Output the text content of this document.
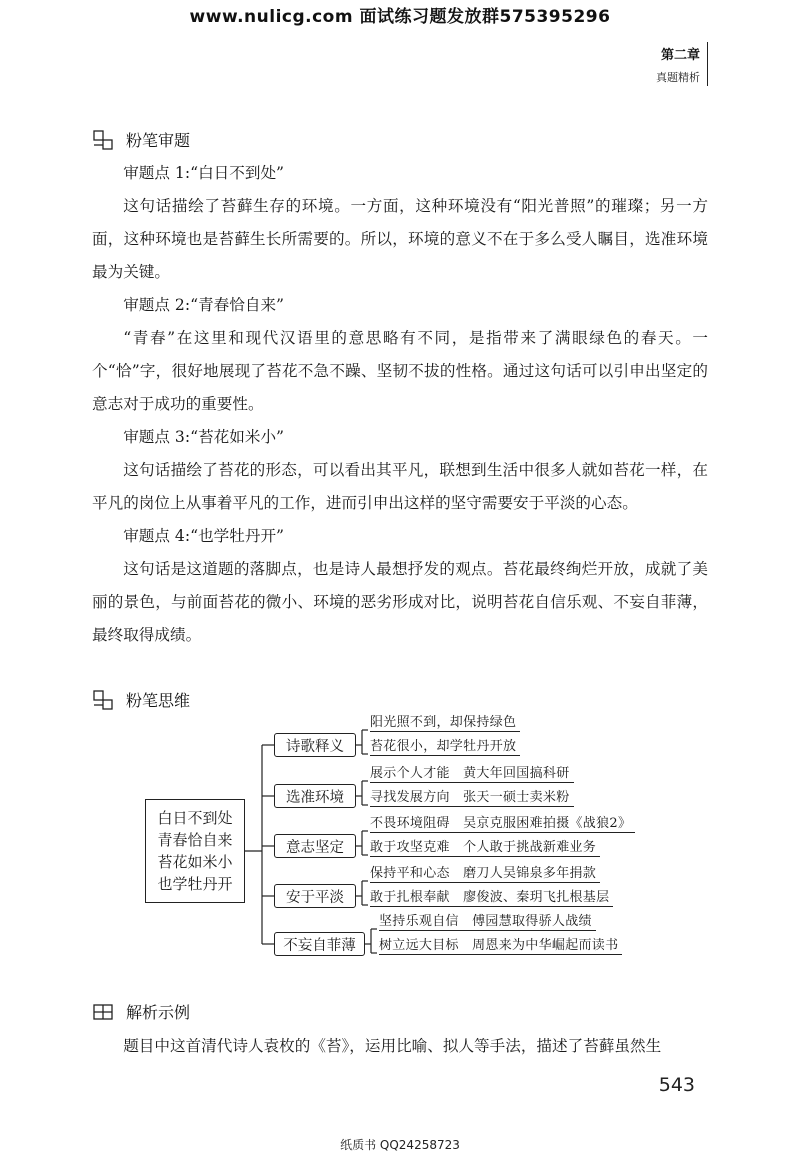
www.nulicg.com 面试练习题发放群575395296
第二章
真题精析
粉笔审题

审题点 1:“白日不到处”

这句话描绘了苔藓生存的环境。一方面，这种环境没有“阳光普照”的璀璨；另一方面，这种环境也是苔藓生长所需要的。所以，环境的意义不在于多么受人瞩目，选准环境最为关键。

审题点 2:“青春恰自来”

“青春”在这里和现代汉语里的意思略有不同，是指带来了满眼绿色的春天。一个“恰”字，很好地展现了苔花不急不躁、坚韧不拔的性格。通过这句话可以引申出坚定的意志对于成功的重要性。

审题点 3:“苔花如米小”

这句话描绘了苔花的形态，可以看出其平凡，联想到生活中很多人就如苔花一样，在平凡的岗位上从事着平凡的工作，进而引申出这样的坚守需要安于平淡的心态。

审题点 4:“也学牡丹开”

这句话是这道题的落脚点，也是诗人最想抒发的观点。苔花最终绚烂开放，成就了美丽的景色，与前面苔花的微小、环境的恶劣形成对比，说明苔花自信乐观、不妄自菲薄，最终取得成绩。

粉笔思维
白日不到处
青春恰自来
苔花如米小
也学牡丹开
诗歌释义
选准环境
意志坚定
安于平淡
不妄自菲薄
阳光照不到，却保持绿色
苔花很小，却学牡丹开放
展示个人才能　黄大年回国搞科研
寻找发展方向　张天一硕士卖米粉
不畏环境阻碍　吴京克服困难拍摄《战狼2》
敢于攻坚克难　个人敢于挑战新难业务
保持平和心态　磨刀人吴锦泉多年捐款
敢于扎根奉献　廖俊波、秦玥飞扎根基层
坚持乐观自信　傅园慧取得骄人战绩
树立远大目标　周恩来为中华崛起而读书
解析示例

题目中这首清代诗人袁枚的《苔》，运用比喻、拟人等手法，描述了苔藓虽然生

543
纸质书 QQ24258723
